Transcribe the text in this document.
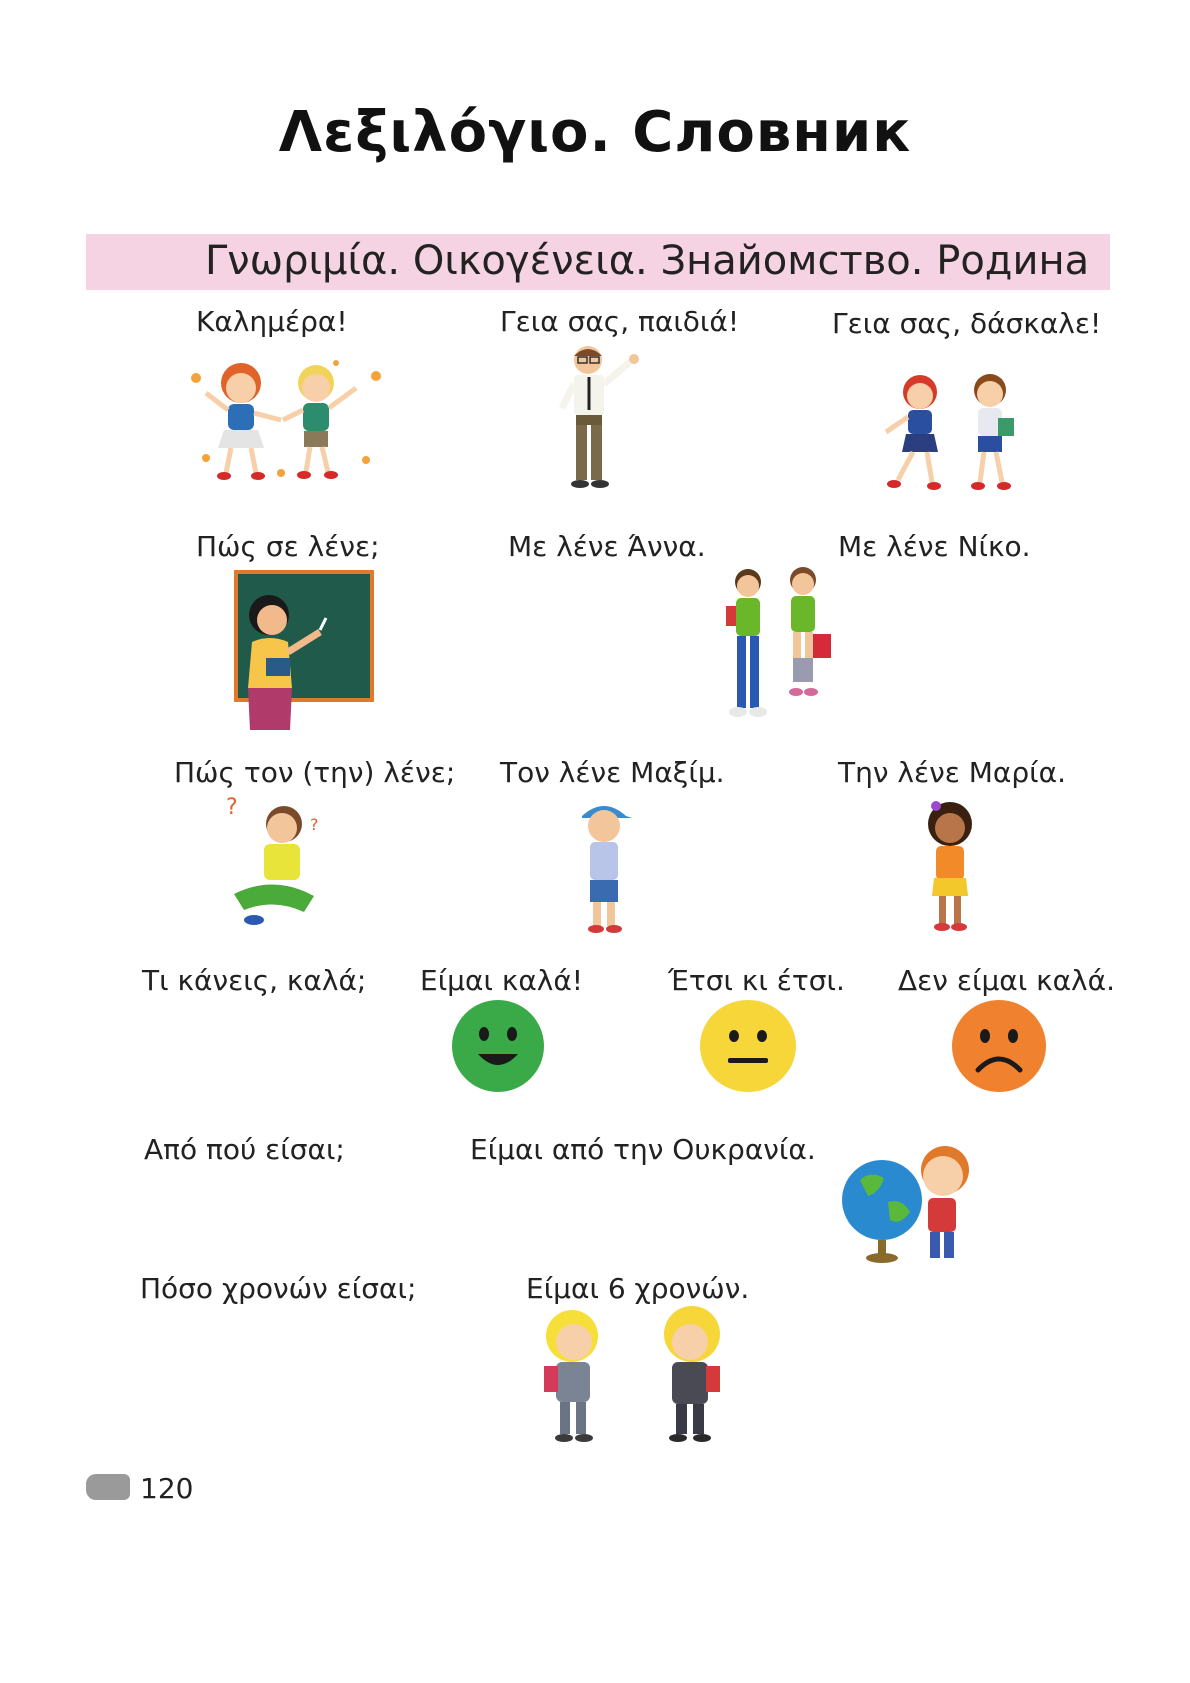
Λεξιλόγιο. Словник
Γνωριμία. Οικογένεια. Знайомство. Родина
Καλημέρα!	Γεια σας, παιδιά!	Γεια σας, δάσκαλε!
Πώς σε λένε;	Με λένε Άννα.	Με λένε Νίκο.
Πώς τον (την) λένε; Τον λένε Μαξίμ.	Την λένε Μαρία.
?
?
Τι κάνεις, καλά; Είμαι καλά!	Έτσι κι έτσι. Δεν είμαι καλά.
Από πού είσαι;	Είμαι από την Ουκρανία.
Πόσο χρονών είσαι;	Είμαι 6 χρονών.
120
